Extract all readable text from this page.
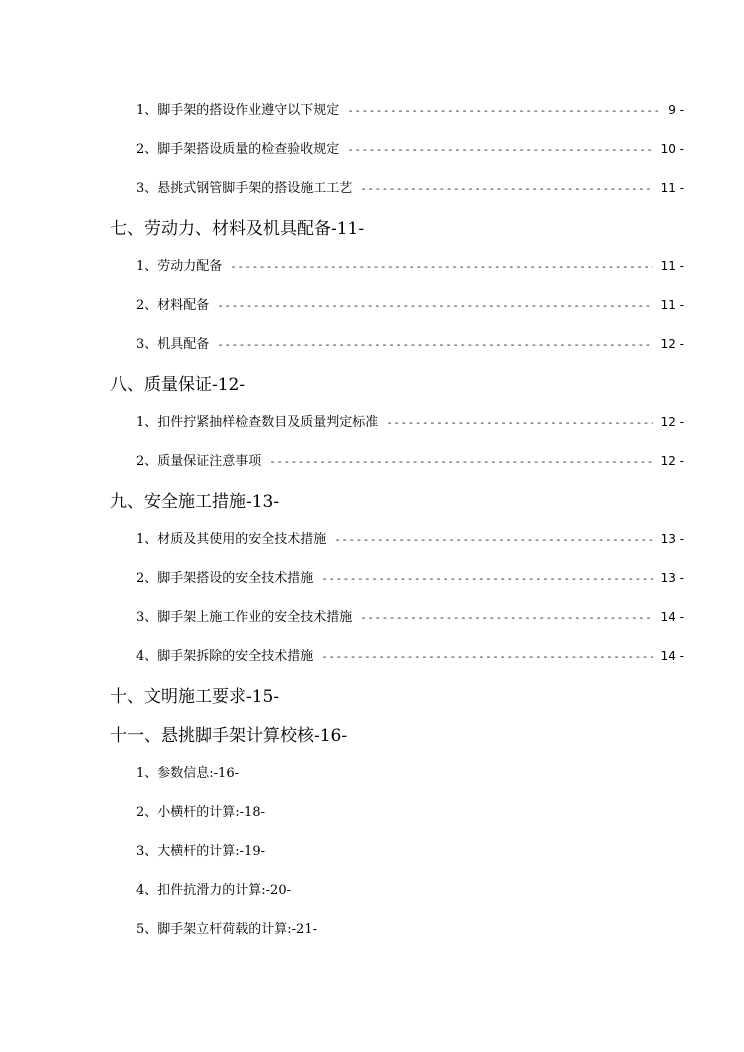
1、脚手架的搭设作业遵守以下规定 -----	9 -
2、脚手架搭设质量的检查验收规定 -----	10 -
3、悬挑式钢管脚手架的搭设施工工艺 -----	11 -
七、劳动力、材料及机具配备-11-
1、劳动力配备 -----	11 -
2、材料配备 -----	11 -
3、机具配备 -----	12 -
八、质量保证-12-
1、扣件拧紧抽样检查数目及质量判定标准 -----	12 -
2、质量保证注意事项 -----	12 -
九、安全施工措施-13-
1、材质及其使用的安全技术措施 -----	13 -
2、脚手架搭设的安全技术措施 -----	13 -
3、脚手架上施工作业的安全技术措施 -----	14 -
4、脚手架拆除的安全技术措施 -----	14 -
十、文明施工要求-15-
十一、悬挑脚手架计算校核-16-
1、参数信息:-16-
2、小横杆的计算:-18-
3、大横杆的计算:-19-
4、扣件抗滑力的计算:-20-
5、脚手架立杆荷载的计算:-21-
